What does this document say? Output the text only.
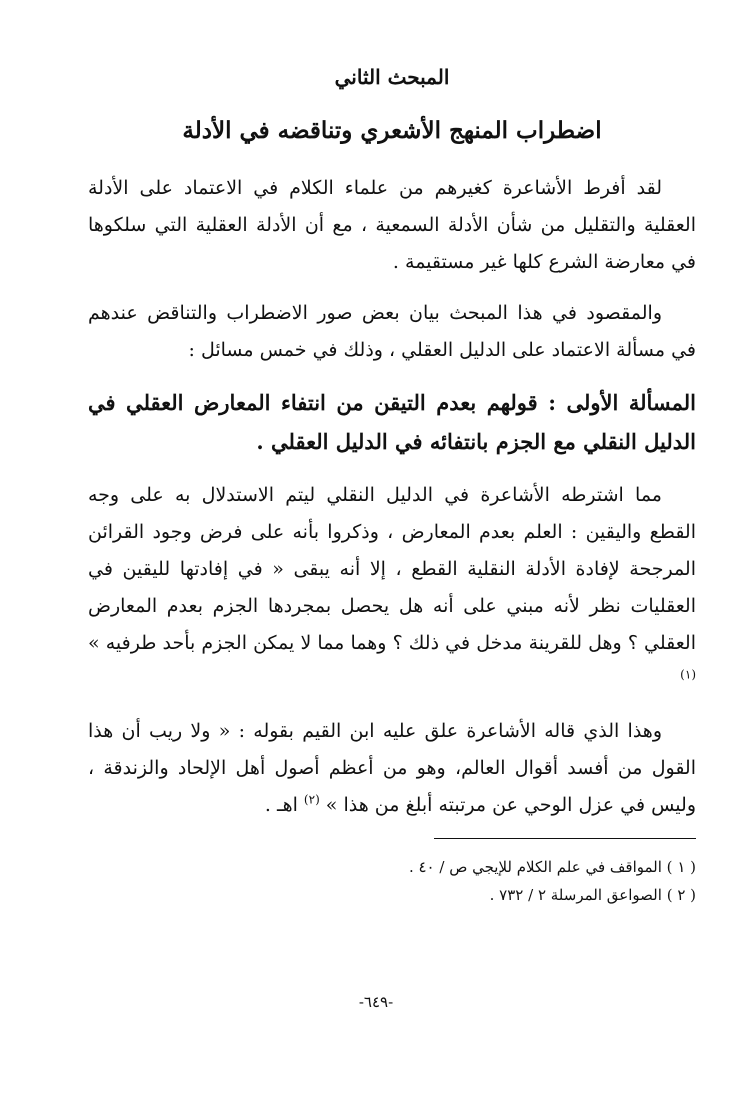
المبحث الثاني
اضطراب المنهج الأشعري وتناقضه في الأدلة

لقد أفرط الأشاعرة كغيرهم من علماء الكلام في الاعتماد على الأدلة العقلية والتقليل من شأن الأدلة السمعية ، مع أن الأدلة العقلية التي سلكوها في معارضة الشرع كلها غير مستقيمة .

والمقصود في هذا المبحث بيان بعض صور الاضطراب والتناقض عندهم في مسألة الاعتماد على الدليل العقلي ، وذلك في خمس مسائل :

المسألة الأولى : قولهم بعدم التيقن من انتفاء المعارض العقلي في الدليل النقلي مع الجزم بانتفائه في الدليل العقلي .

مما اشترطه الأشاعرة في الدليل النقلي ليتم الاستدلال به على وجه القطع واليقين : العلم بعدم المعارض ، وذكروا بأنه على فرض وجود القرائن المرجحة لإفادة الأدلة النقلية القطع ، إلا أنه يبقى « في إفادتها لليقين في العقليات نظر لأنه مبني على أنه هل يحصل بمجردها الجزم بعدم المعارض العقلي ؟ وهل للقرينة مدخل في ذلك ؟ وهما مما لا يمكن الجزم بأحد طرفيه » $^{(١)}$

وهذا الذي قاله الأشاعرة علق عليه ابن القيم بقوله : « ولا ريب أن هذا القول من أفسد أقوال العالم، وهو من أعظم أصول أهل الإلحاد والزندقة ، وليس في عزل الوحي عن مرتبته أبلغ من هذا » $^{(٢)}$ اهـ .

( ١ ) المواقف في علم الكلام للإيجي ص / ٤٠ .

( ٢ ) الصواعق المرسلة ٢ / ٧٣٢ .

-٦٤٩-
